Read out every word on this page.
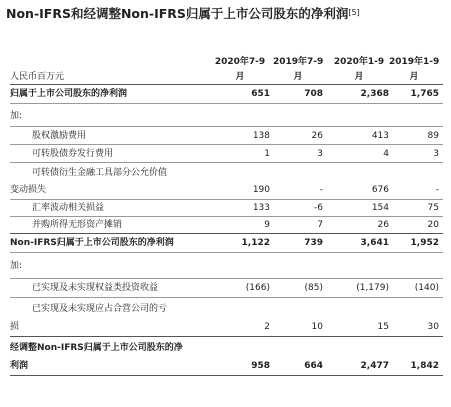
Non-IFRS和经调整Non-IFRS归属于上市公司股东的净利润[5]
2020年7-9 2019年7-9	2020年1-9 2019年1-9
人民币百万元	月	月	月	月
归属于上市公司股东的净利润	651	708	2,368	1,765
加:
股权激励费用	138	26	413	89
可转股债券发行费用	1	3	4	3
可转债衍生金融工具部分公允价值
变动损失	190	-	676	-
汇率波动相关损益	133	-6	154	75
并购所得无形资产摊销	9	7	26	20
Non-IFRS归属于上市公司股东的净利润	1,122	739	3,641	1,952
加:
已实现及未实现权益类投资收益	(166)	(85)	(1,179)	(140)
已实现及未实现应占合营公司的亏
损	2	10	15	30
经调整Non-IFRS归属于上市公司股东的净
利润	958	664	2,477	1,842
